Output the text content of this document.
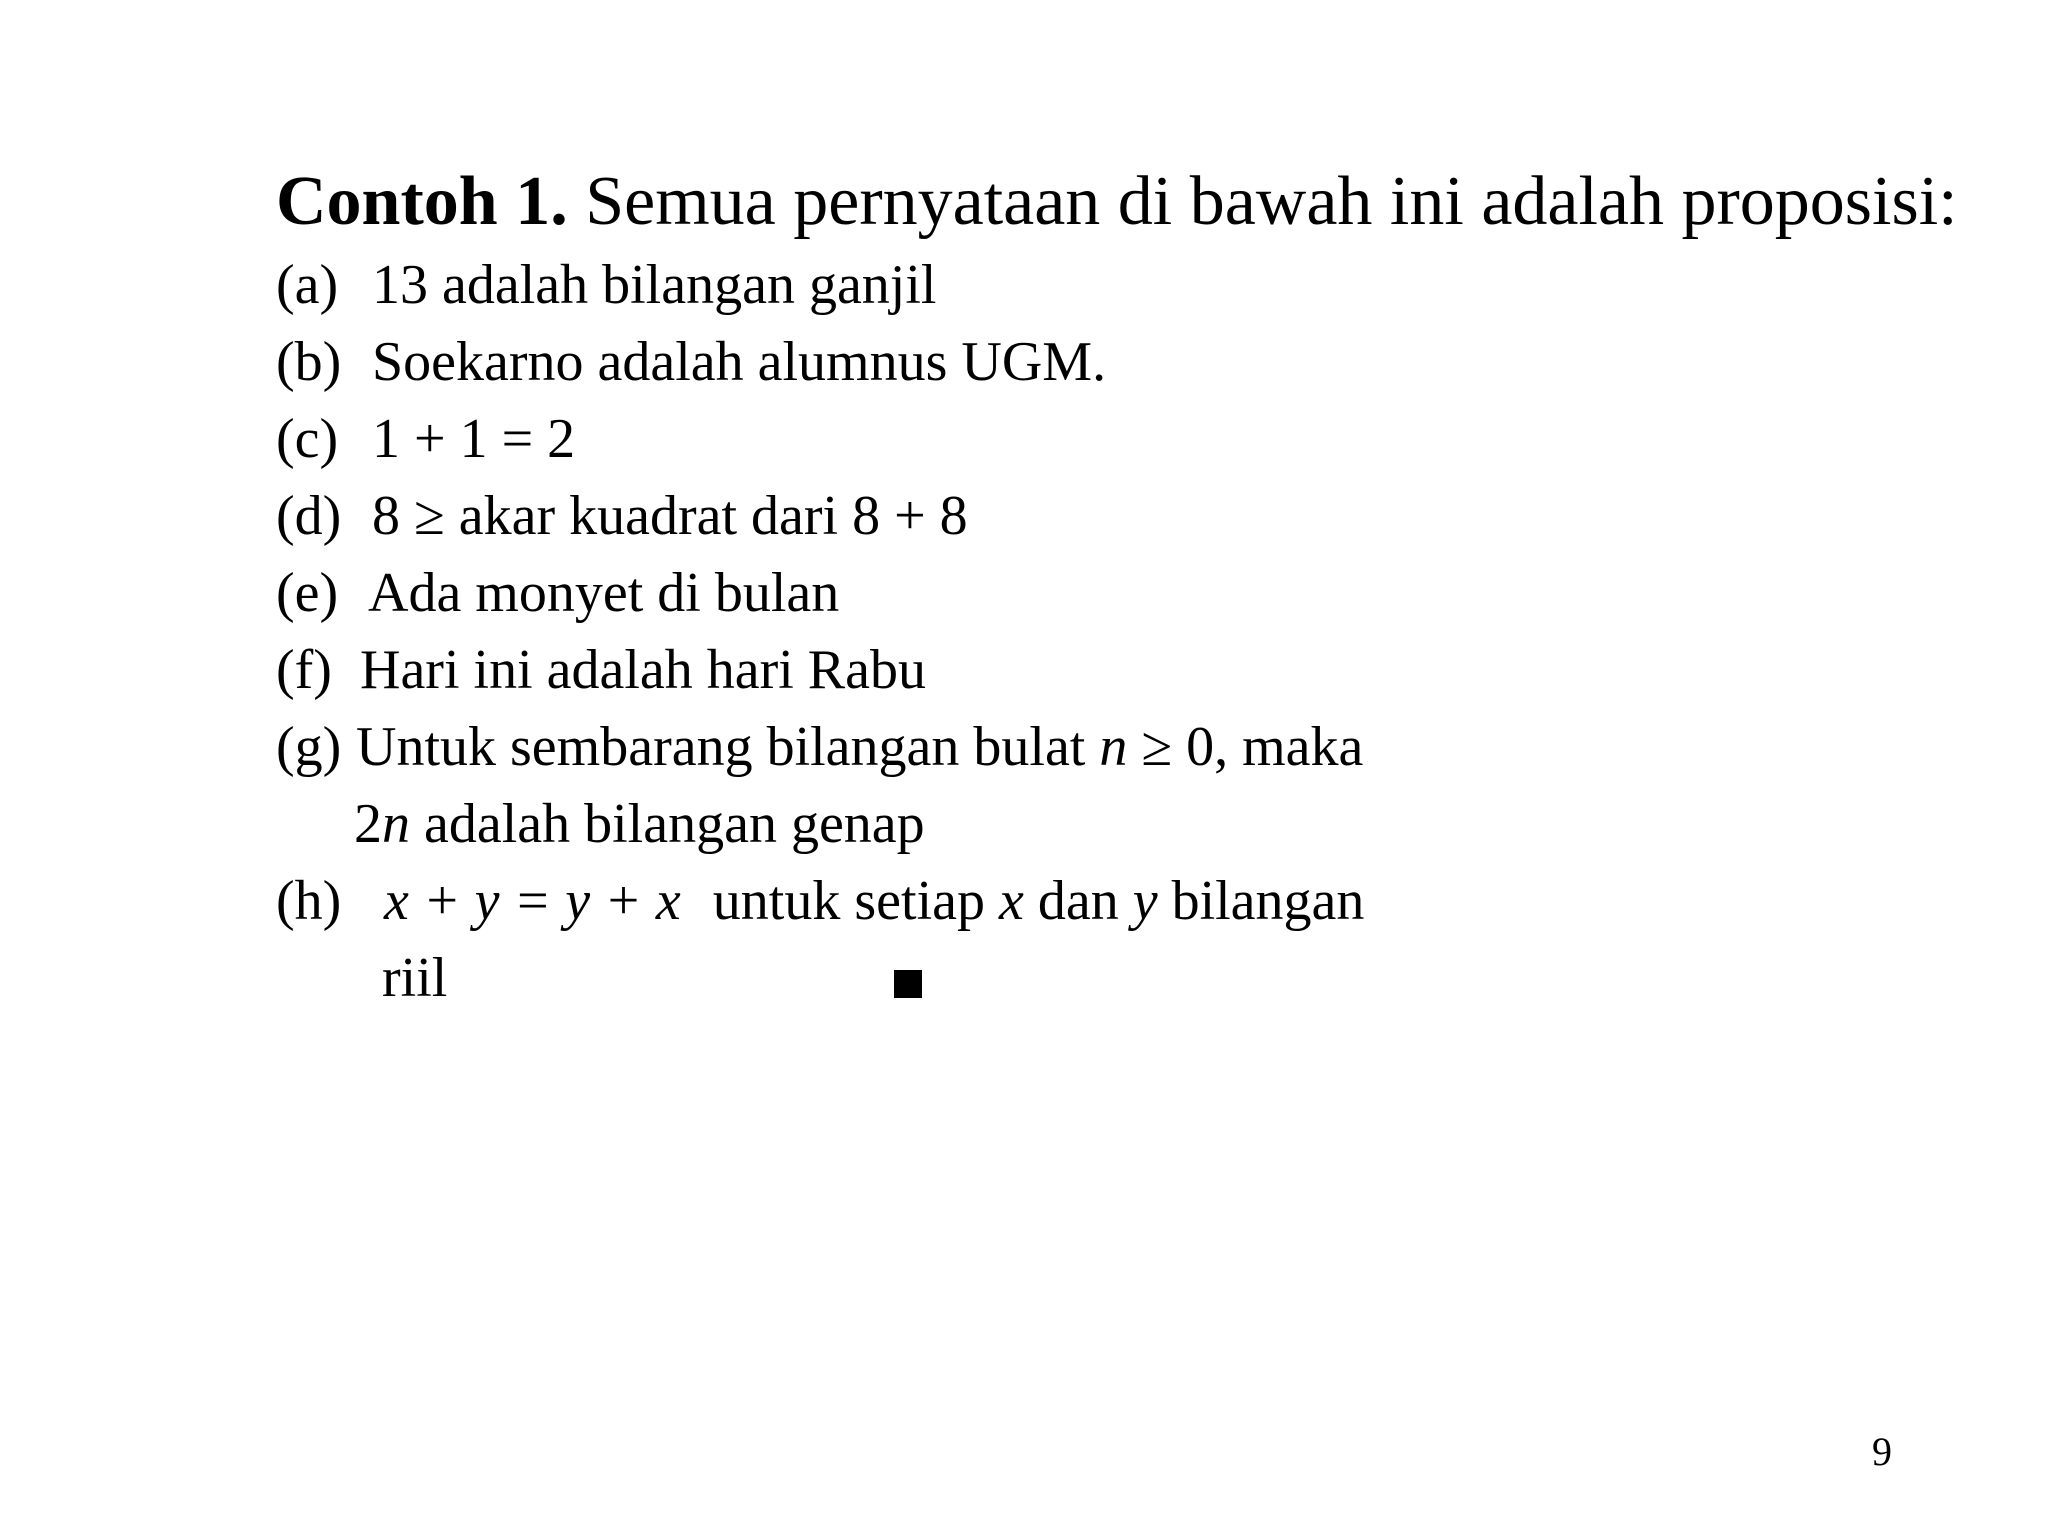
Contoh 1. Semua pernyataan di bawah ini adalah proposisi:
(a) 13 adalah bilangan ganjil
(b) Soekarno adalah alumnus UGM.
(c) 1 + 1 = 2
(d) 8 ≥ akar kuadrat dari 8 + 8
(e) Ada monyet di bulan
(f) Hari ini adalah hari Rabu
(g) Untuk sembarang bilangan bulat n ≥ 0, maka
2n adalah bilangan genap
(h) x + y = y + x untuk setiap x dan y bilangan
riil
9
